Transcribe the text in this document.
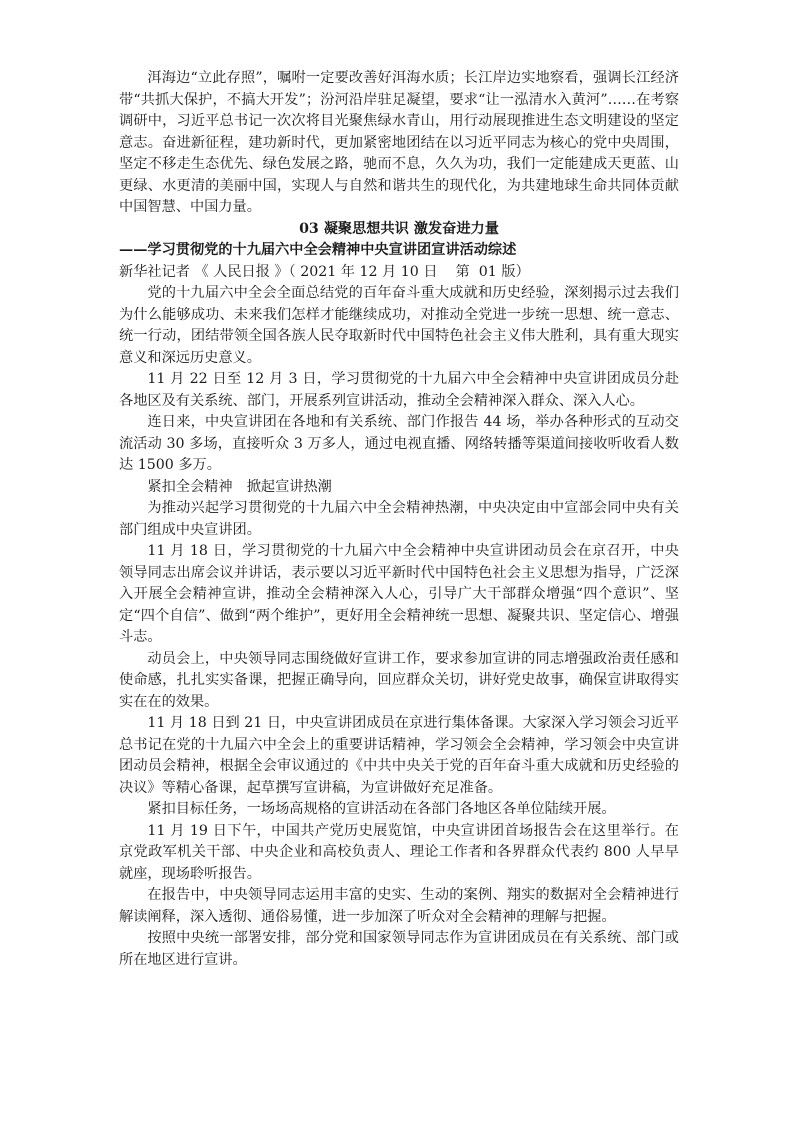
洱海边“立此存照”，嘱咐一定要改善好洱海水质；长江岸边实地察看，强调长江经济带“共抓大保护，不搞大开发”；汾河沿岸驻足凝望，要求“让一泓清水入黄河”……在考察调研中，习近平总书记一次次将目光聚焦绿水青山，用行动展现推进生态文明建设的坚定意志。奋进新征程，建功新时代，更加紧密地团结在以习近平同志为核心的党中央周围，坚定不移走生态优先、绿色发展之路，驰而不息，久久为功，我们一定能建成天更蓝、山更绿、水更清的美丽中国，实现人与自然和谐共生的现代化，为共建地球生命共同体贡献中国智慧、中国力量。

03 凝聚思想共识 激发奋进力量

——学习贯彻党的十九届六中全会精神中央宣讲团宣讲活动综述

新华社记者 《 人民日报 》（ 2021 年 12 月 10 日    第  01 版）

党的十九届六中全会全面总结党的百年奋斗重大成就和历史经验，深刻揭示过去我们为什么能够成功、未来我们怎样才能继续成功，对推动全党进一步统一思想、统一意志、统一行动，团结带领全国各族人民夺取新时代中国特色社会主义伟大胜利，具有重大现实意义和深远历史意义。

11 月 22 日至 12 月 3 日，学习贯彻党的十九届六中全会精神中央宣讲团成员分赴各地区及有关系统、部门，开展系列宣讲活动，推动全会精神深入群众、深入人心。

连日来，中央宣讲团在各地和有关系统、部门作报告 44 场，举办各种形式的互动交流活动 30 多场，直接听众 3 万多人，通过电视直播、网络转播等渠道间接收听收看人数达 1500 多万。

紧扣全会精神　掀起宣讲热潮

为推动兴起学习贯彻党的十九届六中全会精神热潮，中央决定由中宣部会同中央有关部门组成中央宣讲团。

11 月 18 日，学习贯彻党的十九届六中全会精神中央宣讲团动员会在京召开，中央领导同志出席会议并讲话，表示要以习近平新时代中国特色社会主义思想为指导，广泛深入开展全会精神宣讲，推动全会精神深入人心，引导广大干部群众增强“四个意识”、坚定“四个自信”、做到“两个维护”，更好用全会精神统一思想、凝聚共识、坚定信心、增强斗志。

动员会上，中央领导同志围绕做好宣讲工作，要求参加宣讲的同志增强政治责任感和使命感，扎扎实实备课，把握正确导向，回应群众关切，讲好党史故事，确保宣讲取得实实在在的效果。

11 月 18 日到 21 日，中央宣讲团成员在京进行集体备课。大家深入学习领会习近平总书记在党的十九届六中全会上的重要讲话精神，学习领会全会精神，学习领会中央宣讲团动员会精神，根据全会审议通过的《中共中央关于党的百年奋斗重大成就和历史经验的决议》等精心备课，起草撰写宣讲稿，为宣讲做好充足准备。

紧扣目标任务，一场场高规格的宣讲活动在各部门各地区各单位陆续开展。

11 月 19 日下午，中国共产党历史展览馆，中央宣讲团首场报告会在这里举行。在京党政军机关干部、中央企业和高校负责人、理论工作者和各界群众代表约 800 人早早就座，现场聆听报告。

在报告中，中央领导同志运用丰富的史实、生动的案例、翔实的数据对全会精神进行解读阐释，深入透彻、通俗易懂，进一步加深了听众对全会精神的理解与把握。

按照中央统一部署安排，部分党和国家领导同志作为宣讲团成员在有关系统、部门或所在地区进行宣讲。
